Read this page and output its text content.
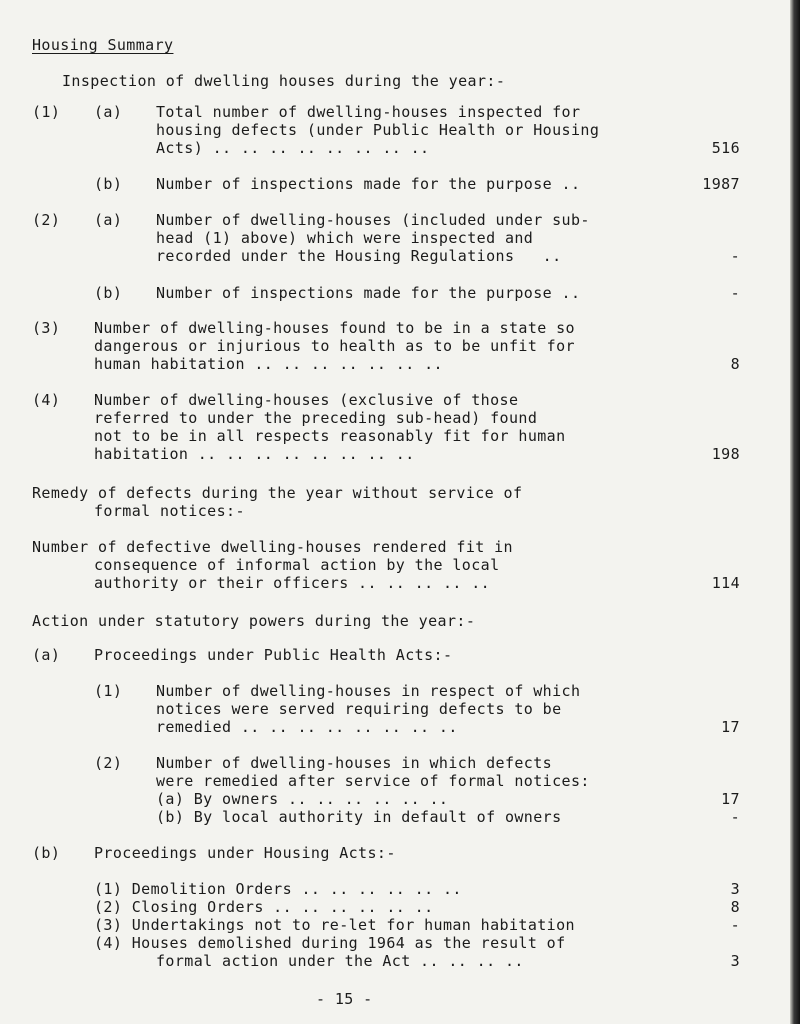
Housing Summary
Inspection of dwelling houses during the year:-
(1) (a) Total number of dwelling-houses inspected for
housing defects (under Public Health or Housing
Acts) .. .. .. .. .. .. .. ..	516
(b) Number of inspections made for the purpose ..	1987
(2) (a) Number of dwelling-houses (included under sub-
head (1) above) which were inspected and
recorded under the Housing Regulations   ..	-
(b) Number of inspections made for the purpose ..	-
(3) Number of dwelling-houses found to be in a state so
dangerous or injurious to health as to be unfit for
human habitation .. .. .. .. .. .. ..	8
(4) Number of dwelling-houses (exclusive of those
referred to under the preceding sub-head) found
not to be in all respects reasonably fit for human
habitation .. .. .. .. .. .. .. ..	198
Remedy of defects during the year without service of
formal notices:-
Number of defective dwelling-houses rendered fit in
consequence of informal action by the local
authority or their officers .. .. .. .. ..	114
Action under statutory powers during the year:-
(a) Proceedings under Public Health Acts:-
(1) Number of dwelling-houses in respect of which
notices were served requiring defects to be
remedied .. .. .. .. .. .. .. ..	17
(2) Number of dwelling-houses in which defects
were remedied after service of formal notices:
(a) By owners .. .. .. .. .. ..	17
(b) By local authority in default of owners	-
(b) Proceedings under Housing Acts:-
(1) Demolition Orders .. .. .. .. .. ..	3
(2) Closing Orders .. .. .. .. .. ..	8
(3) Undertakings not to re-let for human habitation	-
(4) Houses demolished during 1964 as the result of
formal action under the Act .. .. .. ..	3
- 15 -
